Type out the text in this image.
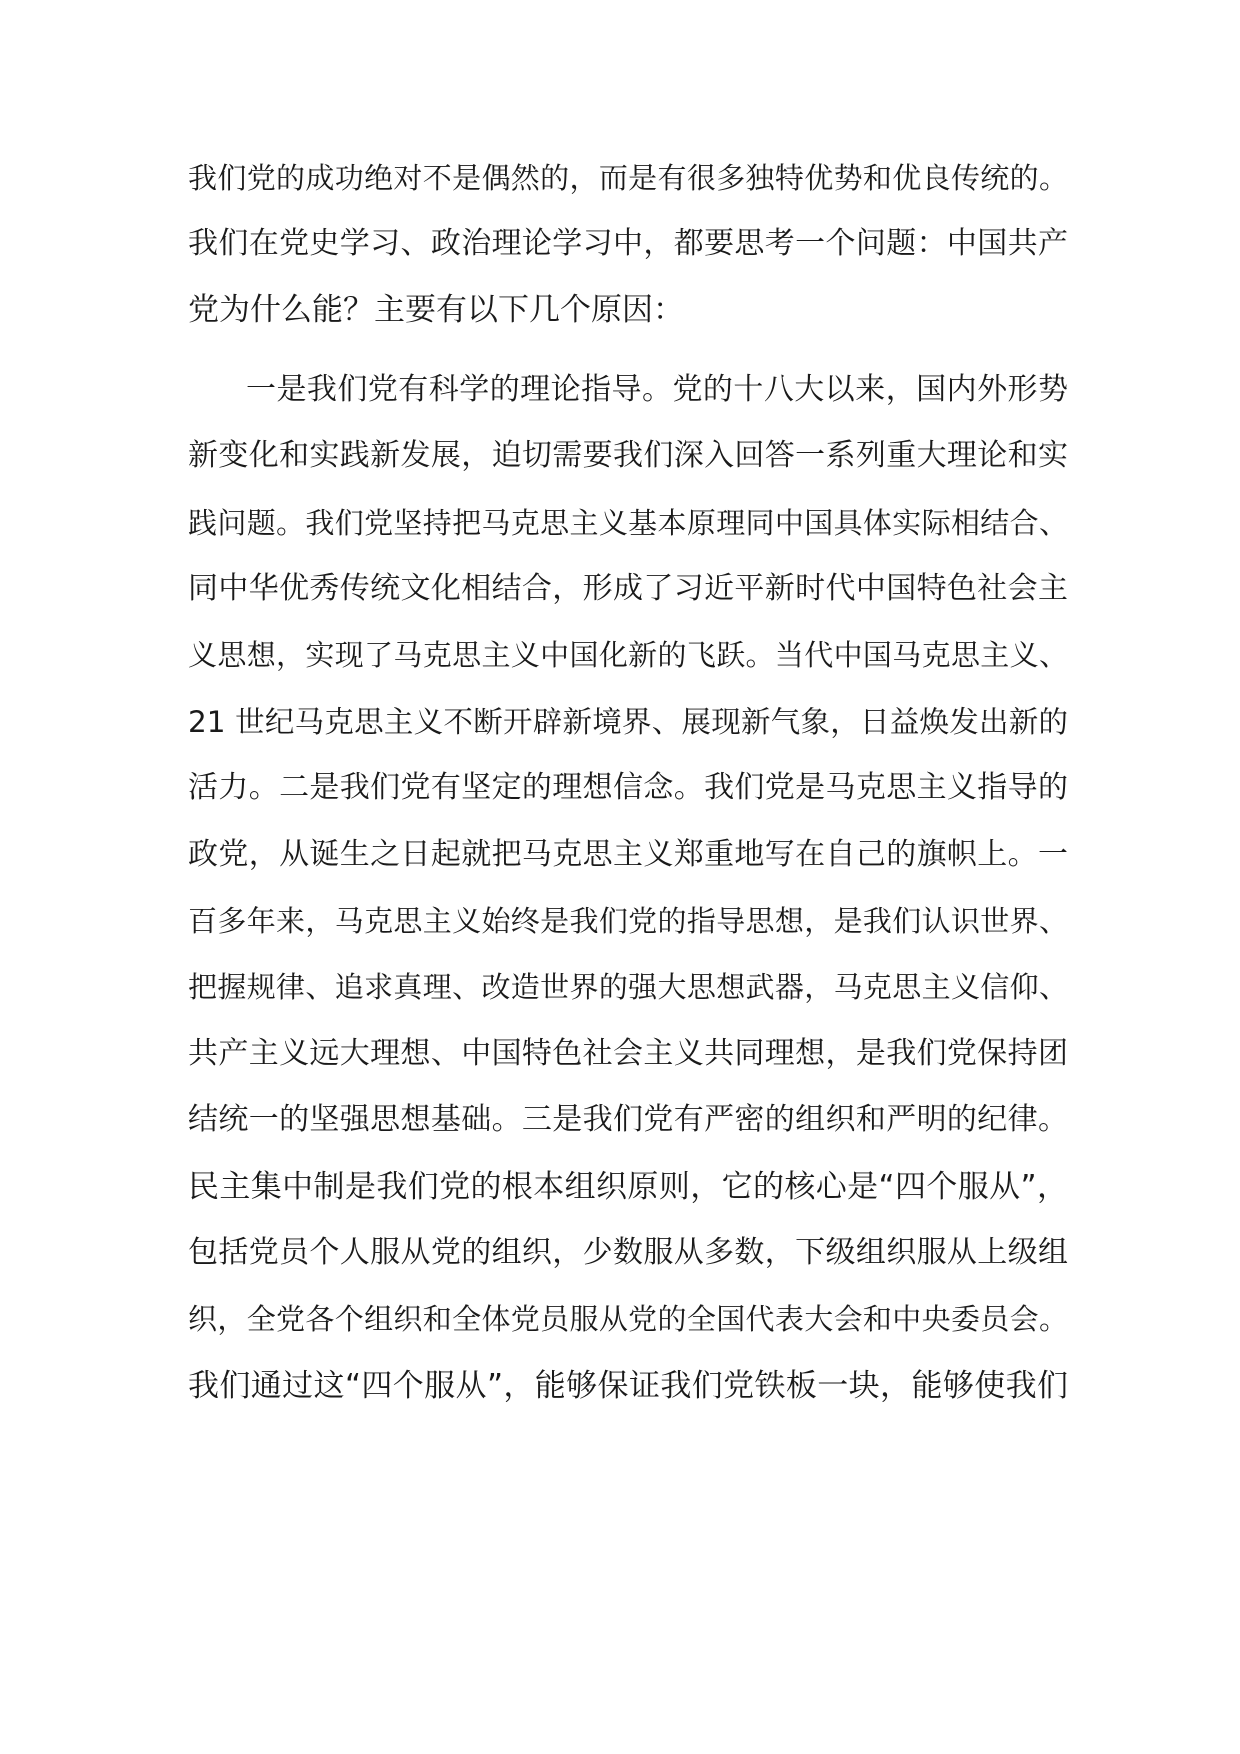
我们党的成功绝对不是偶然的，而是有很多独特优势和优良传统的。
我们在党史学习、政治理论学习中，都要思考一个问题：中国共产
党为什么能？主要有以下几个原因：
一是我们党有科学的理论指导。党的十八大以来，国内外形势
新变化和实践新发展，迫切需要我们深入回答一系列重大理论和实
践问题。我们党坚持把马克思主义基本原理同中国具体实际相结合、
同中华优秀传统文化相结合，形成了习近平新时代中国特色社会主
义思想，实现了马克思主义中国化新的飞跃。当代中国马克思主义、
21 世纪马克思主义不断开辟新境界、展现新气象，日益焕发出新的
活力。二是我们党有坚定的理想信念。我们党是马克思主义指导的
政党，从诞生之日起就把马克思主义郑重地写在自己的旗帜上。一
百多年来，马克思主义始终是我们党的指导思想，是我们认识世界、
把握规律、追求真理、改造世界的强大思想武器，马克思主义信仰、
共产主义远大理想、中国特色社会主义共同理想，是我们党保持团
结统一的坚强思想基础。三是我们党有严密的组织和严明的纪律。
民主集中制是我们党的根本组织原则，它的核心是“四个服从”，
包括党员个人服从党的组织，少数服从多数，下级组织服从上级组
织，全党各个组织和全体党员服从党的全国代表大会和中央委员会。
我们通过这“四个服从”，能够保证我们党铁板一块，能够使我们
